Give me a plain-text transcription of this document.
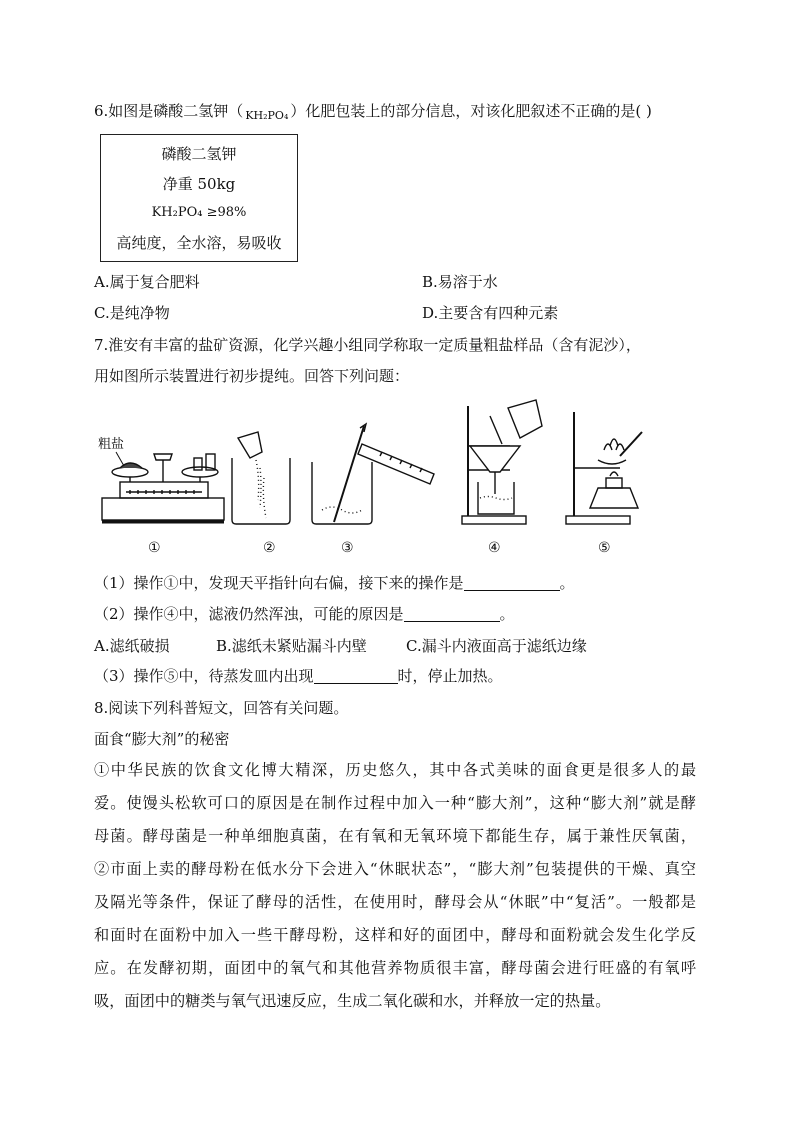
6.如图是磷酸二氢钾（ $_{KH_2PO_4}$ ）化肥包装上的部分信息，对该化肥叙述不正确的是( )
磷酸二氢钾
净重 50kg
KH₂PO₄ ≥98%
高纯度，全水溶，易吸收
A.属于复合肥料	B.易溶于水
C.是纯净物	D.主要含有四种元素
7.淮安有丰富的盐矿资源，化学兴趣小组同学称取一定质量粗盐样品（含有泥沙），
用如图所示装置进行初步提纯。回答下列问题：
粗盐
①	②	③	④	⑤
（1）操作①中，发现天平指针向右偏，接下来的操作是	。
（2）操作④中，滤液仍然浑浊，可能的原因是	。
A.滤纸破损	B.滤纸未紧贴漏斗内壁	C.漏斗内液面高于滤纸边缘
（3）操作⑤中，待蒸发皿内出现	时，停止加热。
8.阅读下列科普短文，回答有关问题。
面食“膨大剂”的秘密
①中华民族的饮食文化博大精深，历史悠久，其中各式美味的面食更是很多人的最
爱。使馒头松软可口的原因是在制作过程中加入一种“膨大剂”，这种“膨大剂”就是酵
母菌。酵母菌是一种单细胞真菌，在有氧和无氧环境下都能生存，属于兼性厌氧菌，
②市面上卖的酵母粉在低水分下会进入“休眠状态”，“膨大剂”包装提供的干燥、真空
及隔光等条件，保证了酵母的活性，在使用时，酵母会从“休眠”中“复活”。一般都是
和面时在面粉中加入一些干酵母粉，这样和好的面团中，酵母和面粉就会发生化学反
应。在发酵初期，面团中的氧气和其他营养物质很丰富，酵母菌会进行旺盛的有氧呼
吸，面团中的糖类与氧气迅速反应，生成二氧化碳和水，并释放一定的热量。
